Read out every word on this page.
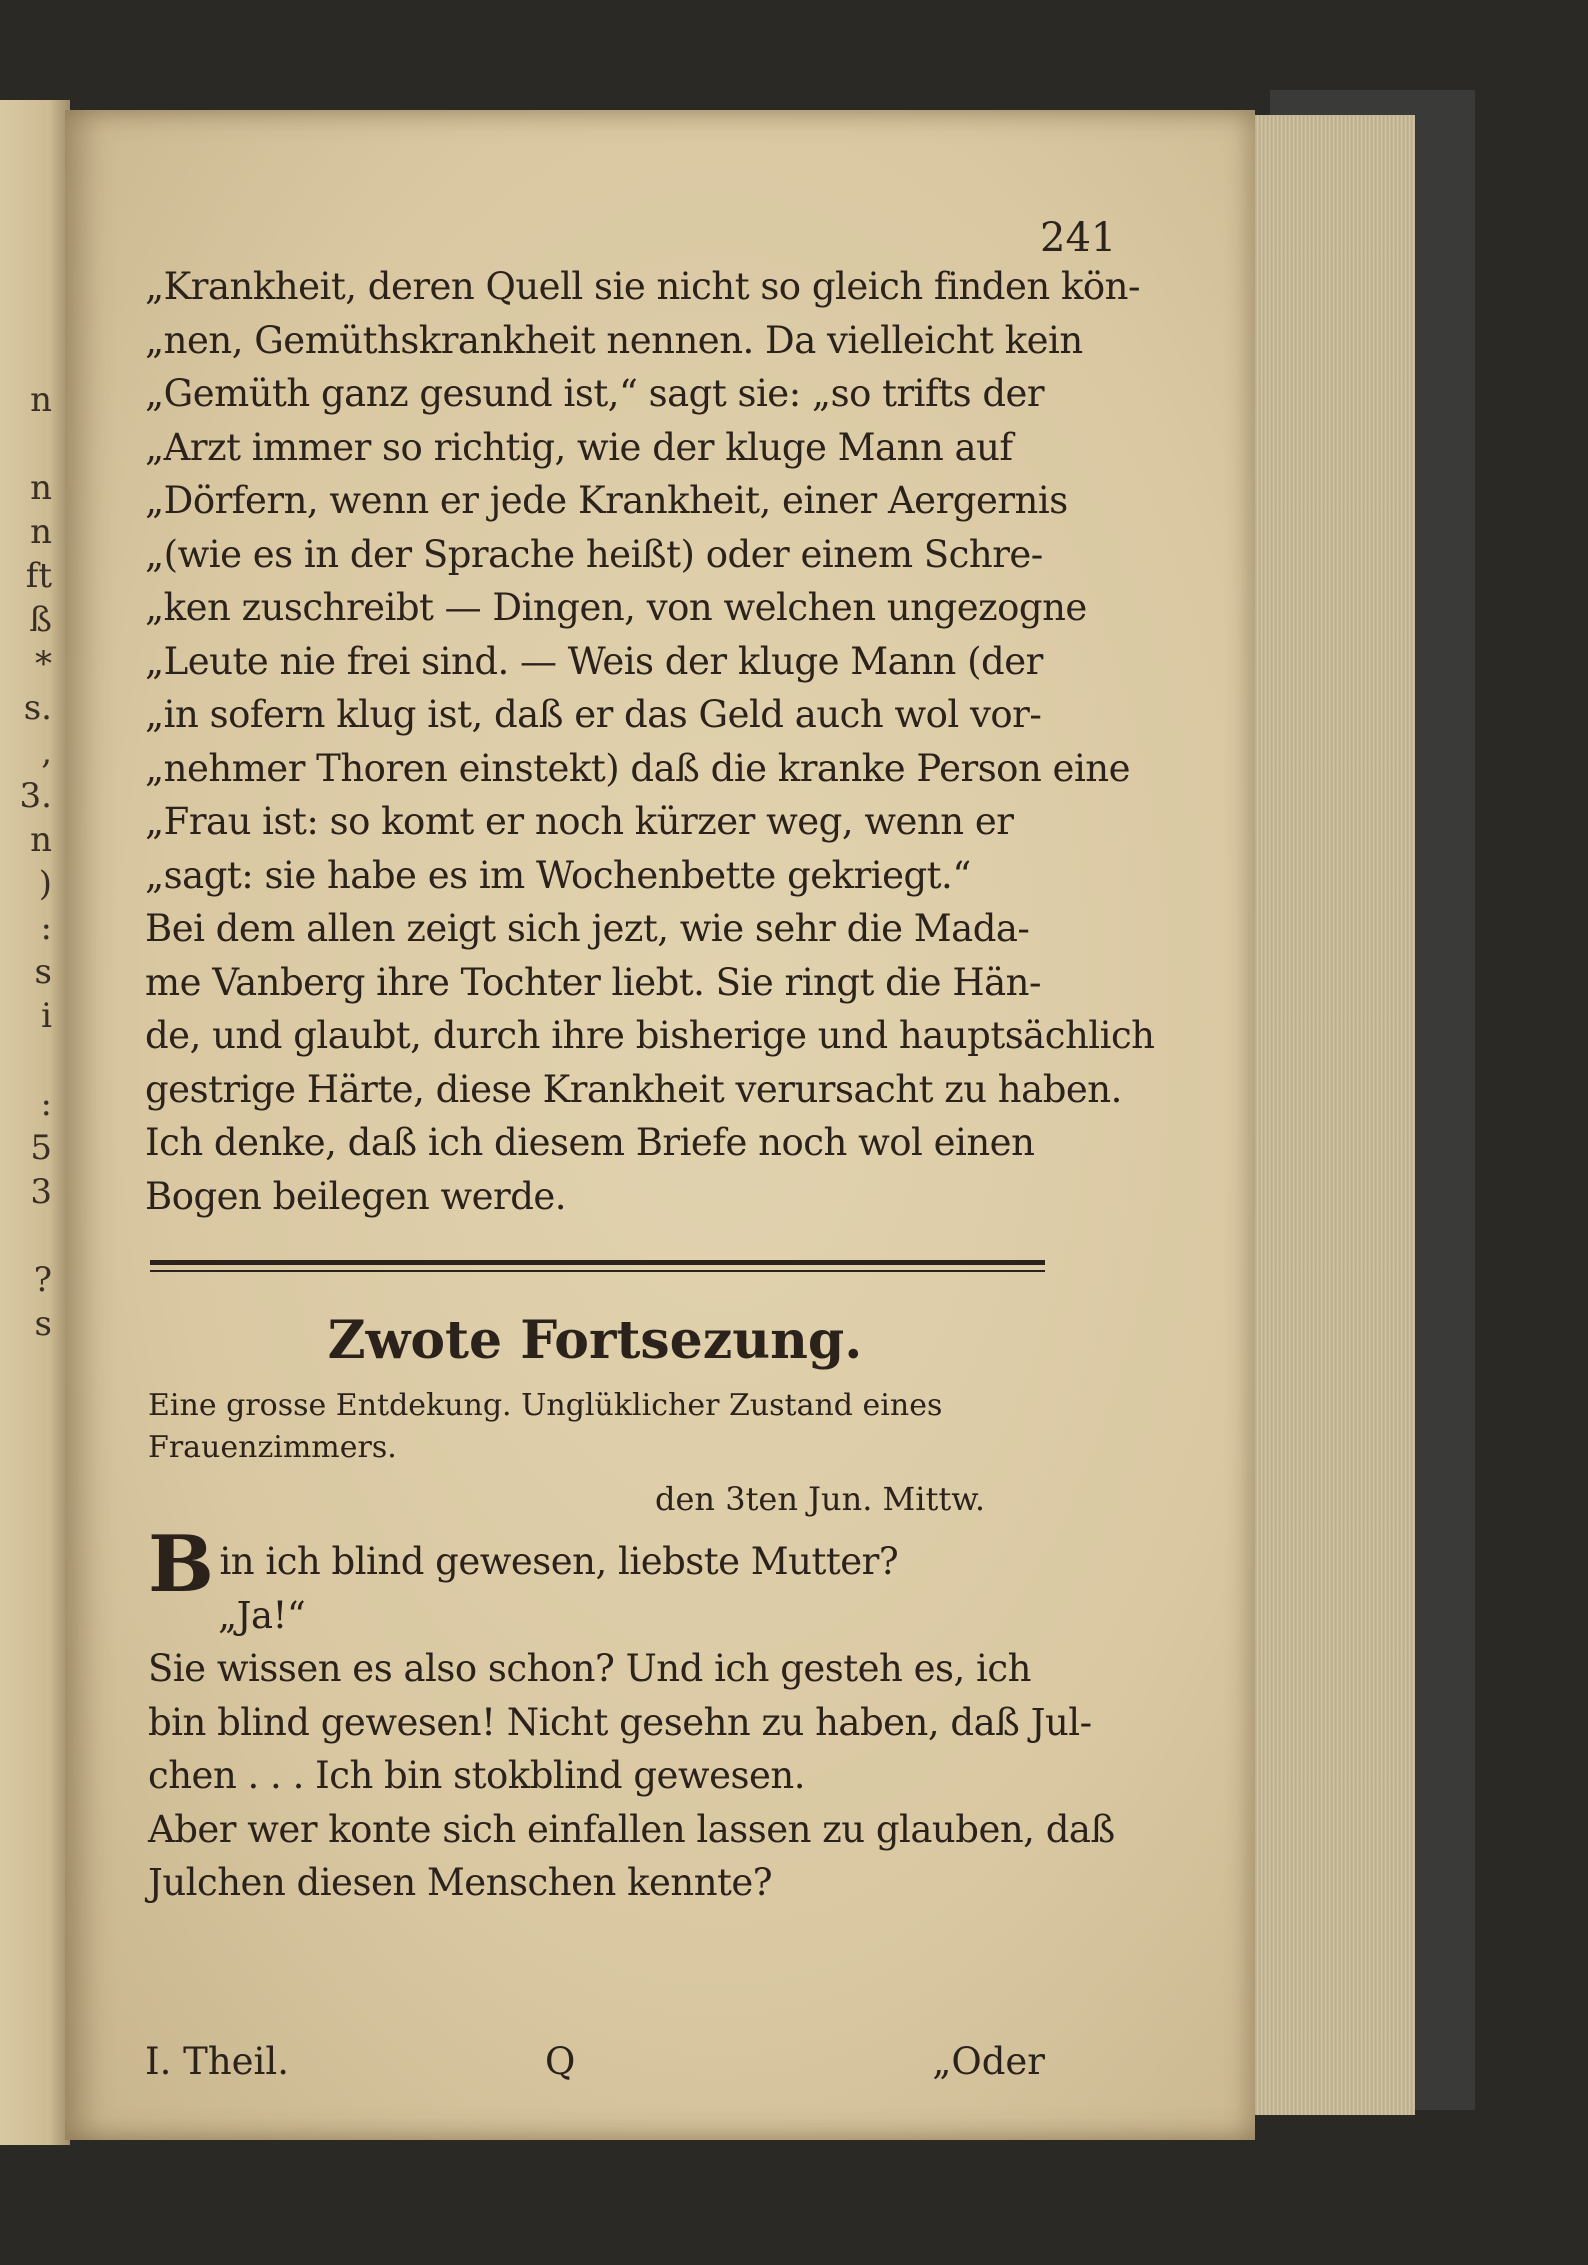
n
n
n
ft
ß
*
s.
,
3.
n
)
:
s
i
:
5
3
?
s
241
„Krankheit, deren Quell sie nicht so gleich finden kön-
„nen, Gemüthskrankheit nennen. Da vielleicht kein
„Gemüth ganz gesund ist,“ sagt sie: „so trifts der
„Arzt immer so richtig, wie der kluge Mann auf
„Dörfern, wenn er jede Krankheit, einer Aergernis
„(wie es in der Sprache heißt) oder einem Schre-
„ken zuschreibt — Dingen, von welchen ungezogne
„Leute nie frei sind. — Weis der kluge Mann (der
„in sofern klug ist, daß er das Geld auch wol vor-
„nehmer Thoren einstekt) daß die kranke Person eine
„Frau ist: so komt er noch kürzer weg, wenn er
„sagt: sie habe es im Wochenbette gekriegt.“
Bei dem allen zeigt sich jezt, wie sehr die Mada-
me Vanberg ihre Tochter liebt. Sie ringt die Hän-
de, und glaubt, durch ihre bisherige und hauptsächlich
gestrige Härte, diese Krankheit verursacht zu haben.
Ich denke, daß ich diesem Briefe noch wol einen
Bogen beilegen werde.
Zwote Fortsezung.
Eine grosse Entdekung. Unglüklicher Zustand eines
Frauenzimmers.
den 3ten Jun. Mittw.
Bin ich blind gewesen, liebste Mutter?
„Ja!“
Sie wissen es also schon? Und ich gesteh es, ich
bin blind gewesen! Nicht gesehn zu haben, daß Jul-
chen . . . Ich bin stokblind gewesen.
Aber wer konte sich einfallen lassen zu glauben, daß
Julchen diesen Menschen kennte?
I. Theil.	Q	„Oder
